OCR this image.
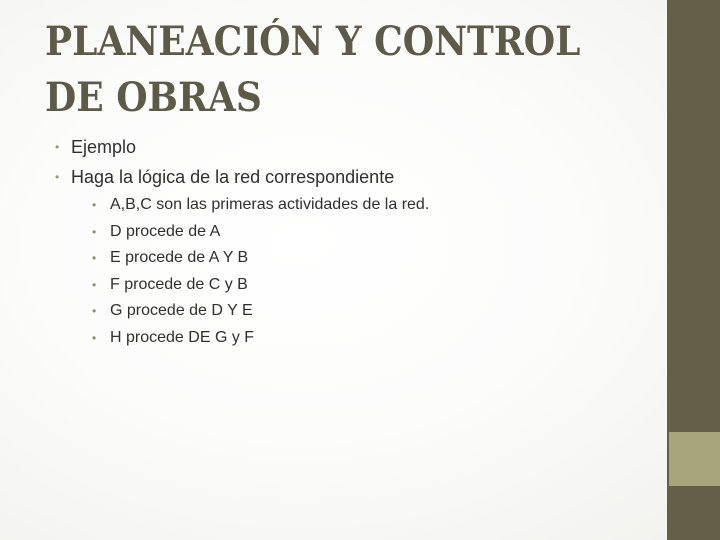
PLANEACIÓN Y CONTROL DE OBRAS
• Ejemplo
• Haga la lógica de la red correspondiente
• A,B,C son las primeras actividades de la red.
• D procede de A
• E procede de A Y B
• F procede de C y B
• G procede de D Y E
• H procede DE G y F
